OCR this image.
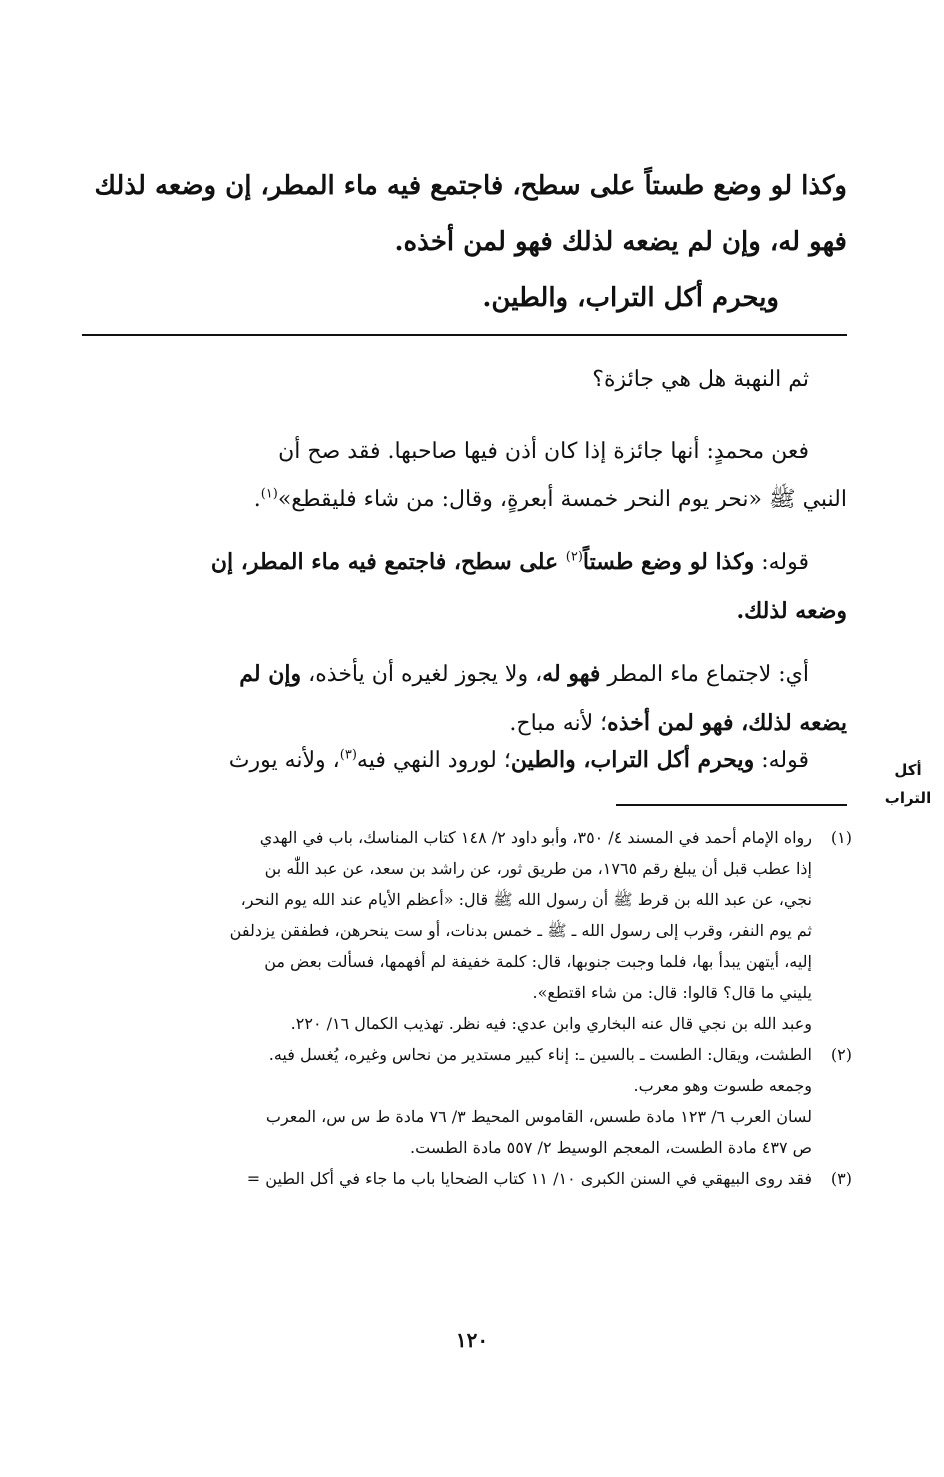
وكذا لو وضع طستاً على سطح، فاجتمع فيه ماء المطر، إن وضعه لذلك
فهو له، وإن لم يضعه لذلك فهو لمن أخذه.
ويحرم أكل التراب، والطين.
ثم النهبة هل هي جائزة؟
فعن محمدٍ: أنها جائزة إذا كان أذن فيها صاحبها. فقد صح أن
النبي ﷺ «نحر يوم النحر خمسة أبعرةٍ، وقال: من شاء فليقطع»$^{(١)}$.
قوله: وكذا لو وضع طستاً$^{(٢)}$ على سطح، فاجتمع فيه ماء المطر، إن
وضعه لذلك.
أي: لاجتماع ماء المطر فهو له، ولا يجوز لغيره أن يأخذه، وإن لم
يضعه لذلك، فهو لمن أخذه؛ لأنه مباح.
قوله: ويحرم أكل التراب، والطين؛ لورود النهي فيه$^{(٣)}$، ولأنه يورث	أكل
التراب
(١)
رواه الإمام أحمد في المسند ٤/ ٣٥٠، وأبو داود ٢/ ١٤٨ كتاب المناسك، باب في الهدي
إذا عطب قبل أن يبلغ رقم ١٧٦٥، من طريق ثور، عن راشد بن سعد، عن عبد اللّٰه بن
نجي، عن عبد الله بن قرط ﷺ أن رسول الله ﷺ قال: «أعظم الأيام عند الله يوم النحر،
ثم يوم النفر، وقرب إلى رسول الله ـ ﷺ ـ خمس بدنات، أو ست ينحرهن، فطفقن يزدلفن
إليه، أيتهن يبدأ بها، فلما وجبت جنوبها، قال: كلمة خفيفة لم أفهمها، فسألت بعض من
يليني ما قال؟ قالوا: قال: من شاء اقتطع».
وعبد الله بن نجي قال عنه البخاري وابن عدي: فيه نظر. تهذيب الكمال ١٦/ ٢٢٠.
(٢)
الطشت، ويقال: الطست ـ بالسين ـ: إناء كبير مستدير من نحاس وغيره، يُغسل فيه.
وجمعه طسوت وهو معرب.
لسان العرب ٦/ ١٢٣ مادة طسس، القاموس المحيط ٣/ ٧٦ مادة ط س س، المعرب
ص ٤٣٧ مادة الطست، المعجم الوسيط ٢/ ٥٥٧ مادة الطست.
(٣)
فقد روى البيهقي في السنن الكبرى ١٠/ ١١ كتاب الضحايا باب ما جاء في أكل الطين =
١٢٠
